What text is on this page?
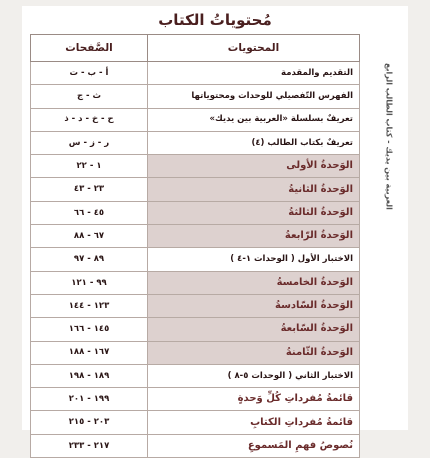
مُحتوياتُ الكتاب
المحتويات	الصَّفحات
التقديم والمقدمة	أ - ب - ت
الفهرس التّفصيلي للوحدات ومحتوياتها	ث - ج
تعريفٌ بسلسلة «العربية بين يديك»	ح - خ - د - ذ
تعريفٌ بكتاب الطالب (٤)	ر - ز - س
الوَحدةُ الأولى	١ - ٢٢
الوَحدةُ الثانيةُ	٢٣ - ٤٣
الوَحدةُ الثالثةُ	٤٥ - ٦٦
الوَحدةُ الرّابعةُ	٦٧ - ٨٨
الاختبار الأول ( الوحدات ١-٤ )	٨٩ - ٩٧
الوَحدةُ الخامسةُ	٩٩ - ١٢١
الوَحدةُ السّادسةُ	١٢٣ - ١٤٤
الوَحدةُ السّابعةُ	١٤٥ - ١٦٦
الوَحدةُ الثّامنةُ	١٦٧ - ١٨٨
الاختبار الثاني ( الوحدات ٥-٨ )	١٨٩ - ١٩٨
قائمةُ مُفرداتِ كُلِّ وَحدةٍ	١٩٩ - ٢٠١
قائمةُ مُفرداتِ الكتابِ	٢٠٣ - ٢١٥
نُصوصُ فهمِ المَسموعِ	٢١٧ - ٢٣٣
العربية بين يديك - كتاب الطالب الرابع
